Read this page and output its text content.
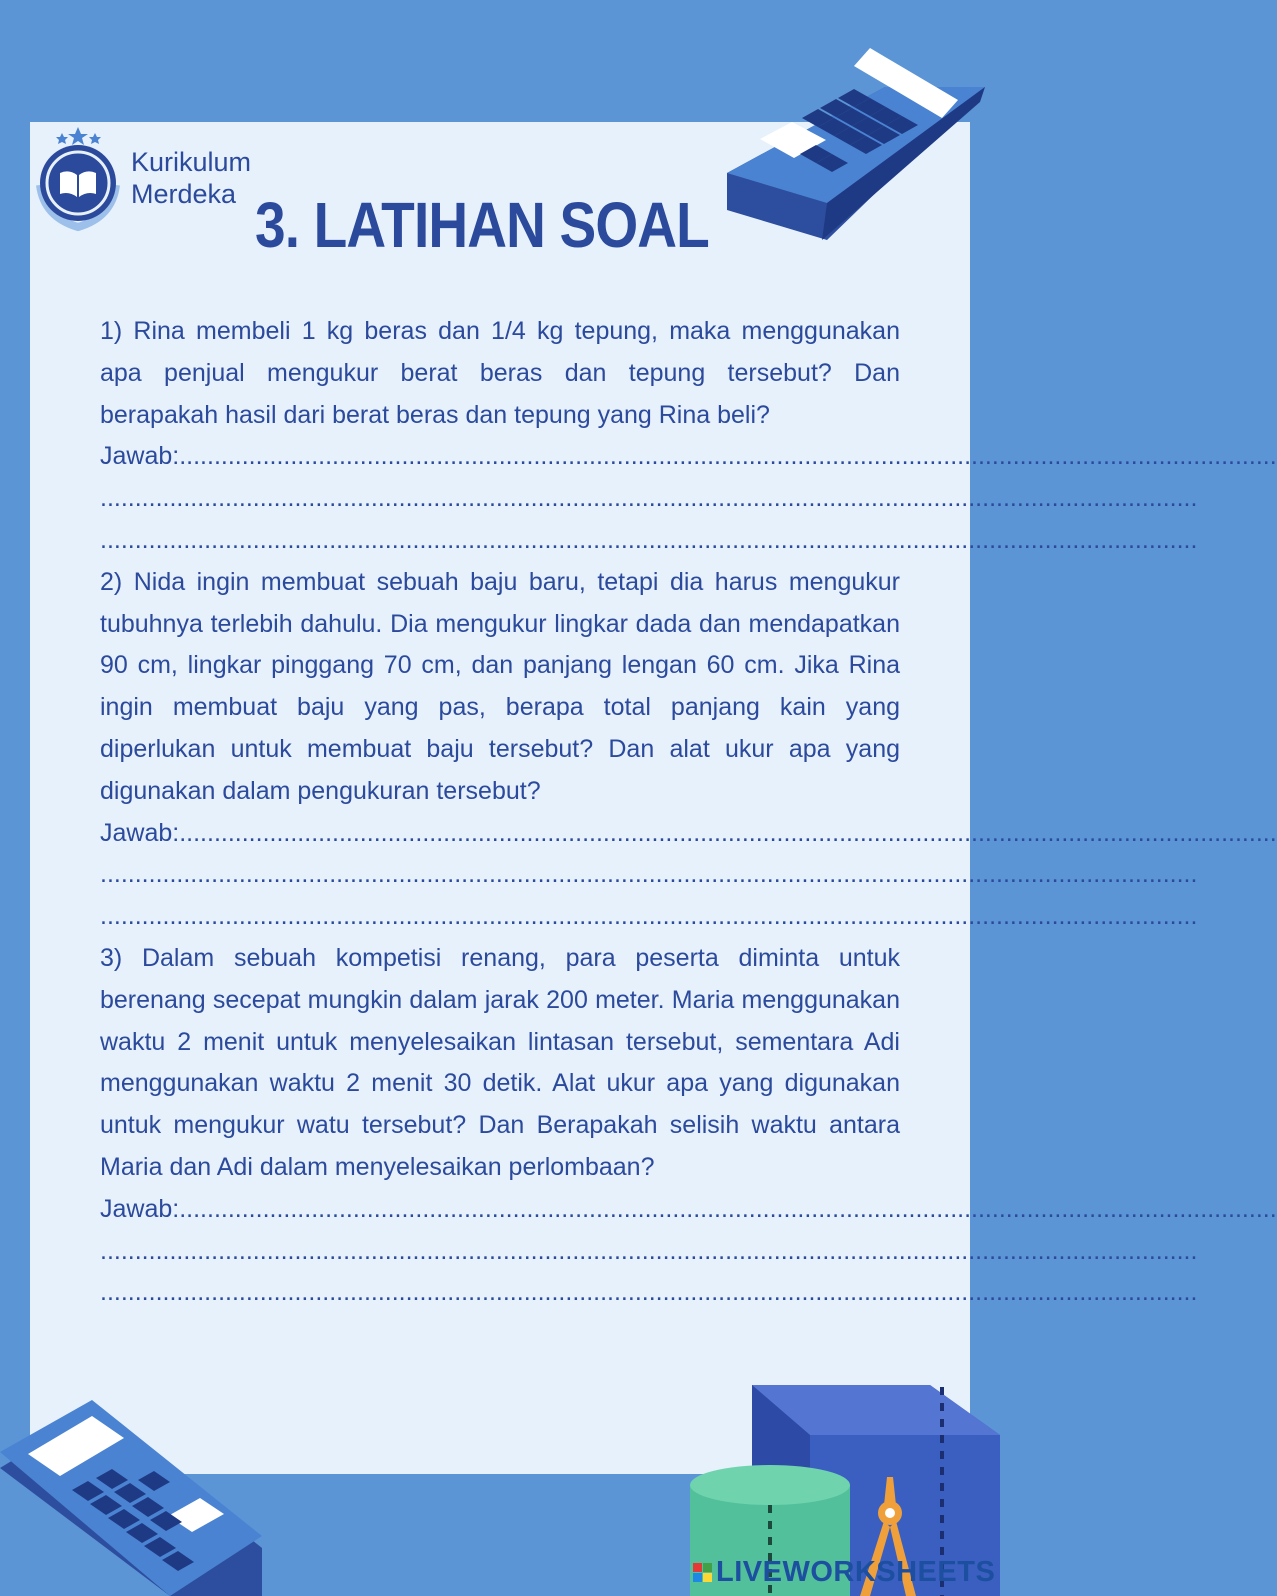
Kurikulum
Merdeka 3. LATIHAN SOAL
1) Rina membeli 1 kg beras dan 1/4 kg tepung, maka menggunakan apa penjual mengukur berat beras dan tepung tersebut? Dan berapakah hasil dari berat beras dan tepung yang Rina beli?
Jawab:..............................................................................................................................................................
..............................................................................................................................................................
..............................................................................................................................................................
2) Nida ingin membuat sebuah baju baru, tetapi dia harus mengukur tubuhnya terlebih dahulu. Dia mengukur lingkar dada dan mendapatkan 90 cm, lingkar pinggang 70 cm, dan panjang lengan 60 cm. Jika Rina ingin membuat baju yang pas, berapa total panjang kain yang diperlukan untuk membuat baju tersebut? Dan alat ukur apa yang digunakan dalam pengukuran tersebut?
Jawab:..............................................................................................................................................................
..............................................................................................................................................................
..............................................................................................................................................................
3) Dalam sebuah kompetisi renang, para peserta diminta untuk berenang secepat mungkin dalam jarak 200 meter. Maria menggunakan waktu 2 menit untuk menyelesaikan lintasan tersebut, sementara Adi menggunakan waktu 2 menit 30 detik. Alat ukur apa yang digunakan untuk mengukur watu tersebut? Dan Berapakah selisih waktu antara Maria dan Adi dalam menyelesaikan perlombaan?
Jawab:..............................................................................................................................................................
..............................................................................................................................................................
..............................................................................................................................................................
LIVEWORKSHEETS
